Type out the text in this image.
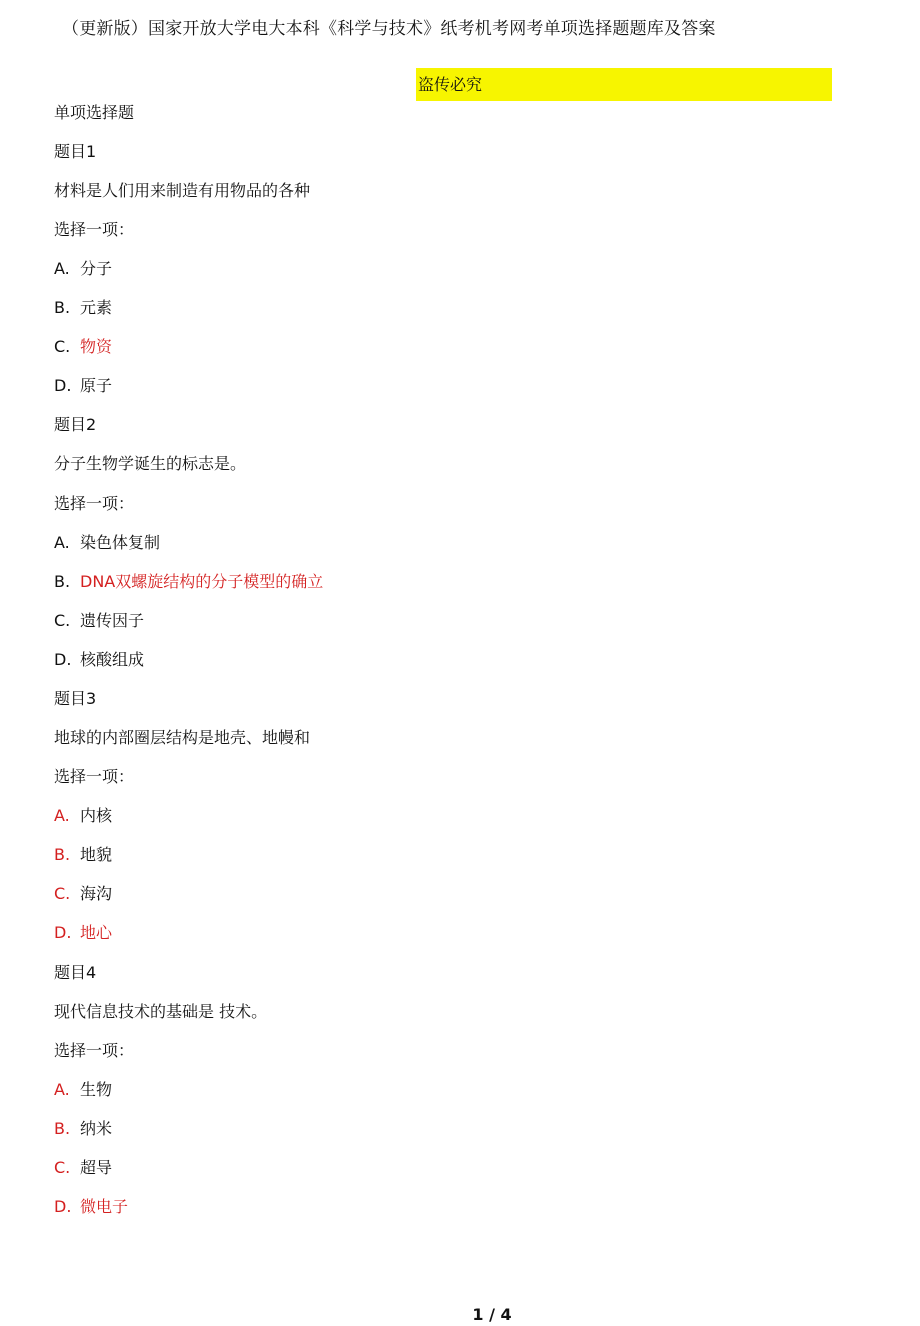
（更新版）国家开放大学电大本科《科学与技术》纸考机考网考单项选择题题库及答案
盗传必究
单项选择题
题目1
材料是人们用来制造有用物品的各种
选择一项：
A. 分子
B. 元素
C. 物资
D. 原子
题目2
分子生物学诞生的标志是。
选择一项：
A. 染色体复制
B. DNA双螺旋结构的分子模型的确立
C. 遗传因子
D. 核酸组成
题目3
地球的内部圈层结构是地壳、地幔和
选择一项：
A. 内核
B. 地貌
C. 海沟
D. 地心
题目4
现代信息技术的基础是 技术。
选择一项：
A. 生物
B. 纳米
C. 超导
D. 微电子
1 / 4
